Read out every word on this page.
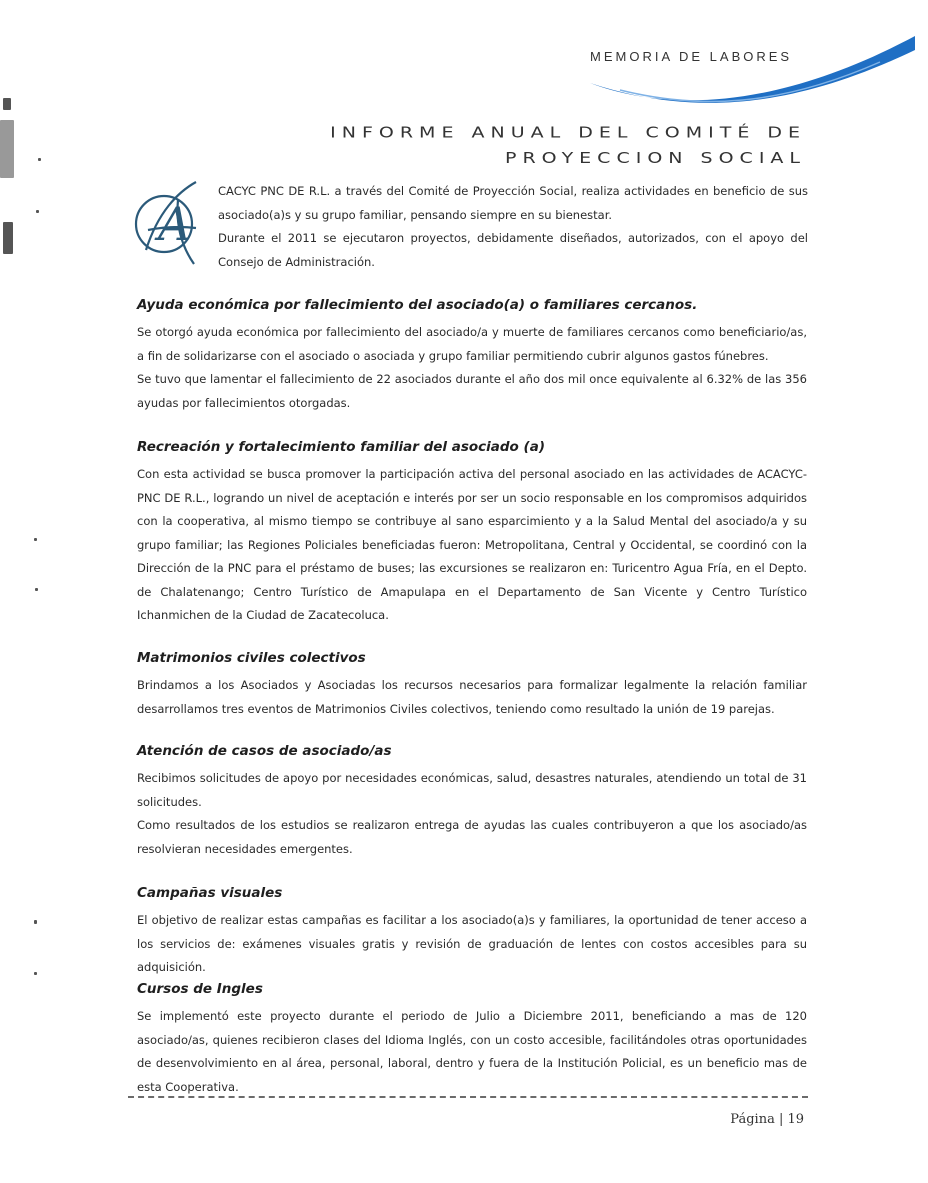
MEMORIA DE LABORES
INFORME ANUAL DEL COMITÉ DE
PROYECCION SOCIAL
A

CACYC PNC DE R.L. a través del Comité de Proyección Social, realiza actividades en beneficio de sus asociado(a)s y su grupo familiar, pensando siempre en su bienestar.

Durante el 2011 se ejecutaron proyectos, debidamente diseñados, autorizados, con el apoyo del Consejo de Administración.

Ayuda económica por fallecimiento del asociado(a) o familiares cercanos.

Se otorgó ayuda económica por fallecimiento del asociado/a y muerte de familiares cercanos como beneficiario/as, a fin de solidarizarse con el asociado o asociada y grupo familiar permitiendo cubrir algunos gastos fúnebres.

Se tuvo que lamentar el fallecimiento de 22 asociados durante el año dos mil once equivalente al 6.32% de las 356 ayudas por fallecimientos otorgadas.

Recreación y fortalecimiento familiar del asociado (a)

Con esta actividad se busca promover la participación activa del personal asociado en las actividades de ACACYC-PNC DE R.L., logrando un nivel de aceptación e interés por ser un socio responsable en los compromisos adquiridos con la cooperativa, al mismo tiempo se contribuye al sano esparcimiento y a la Salud Mental del asociado/a y su grupo familiar; las Regiones Policiales beneficiadas fueron: Metropolitana, Central y Occidental, se coordinó con la Dirección de la PNC para el préstamo de buses; las excursiones se realizaron en: Turicentro Agua Fría, en el Depto. de Chalatenango; Centro Turístico de Amapulapa en el Departamento de San Vicente y Centro Turístico Ichanmichen de la Ciudad de Zacatecoluca.

Matrimonios civiles colectivos

Brindamos a los Asociados y Asociadas los recursos necesarios para formalizar legalmente la relación familiar desarrollamos tres eventos de Matrimonios Civiles colectivos, teniendo como resultado la unión de 19 parejas.

Atención de casos de asociado/as

Recibimos solicitudes de apoyo por necesidades económicas, salud, desastres naturales, atendiendo un total de 31 solicitudes.

Como resultados de los estudios se realizaron entrega de ayudas las cuales contribuyeron a que los asociado/as resolvieran necesidades emergentes.

Campañas visuales

El objetivo de realizar estas campañas es facilitar a los asociado(a)s y familiares, la oportunidad de tener acceso a los servicios de: exámenes visuales gratis y revisión de graduación de lentes con costos accesibles para su adquisición.

Cursos de Ingles

Se implementó este proyecto durante el periodo de Julio a Diciembre 2011, beneficiando a mas de 120 asociado/as, quienes recibieron clases del Idioma Inglés, con un costo accesible, facilitándoles otras oportunidades de desenvolvimiento en al área, personal, laboral, dentro y fuera de la Institución Policial, es un beneficio mas de esta Cooperativa.

Página | 19
